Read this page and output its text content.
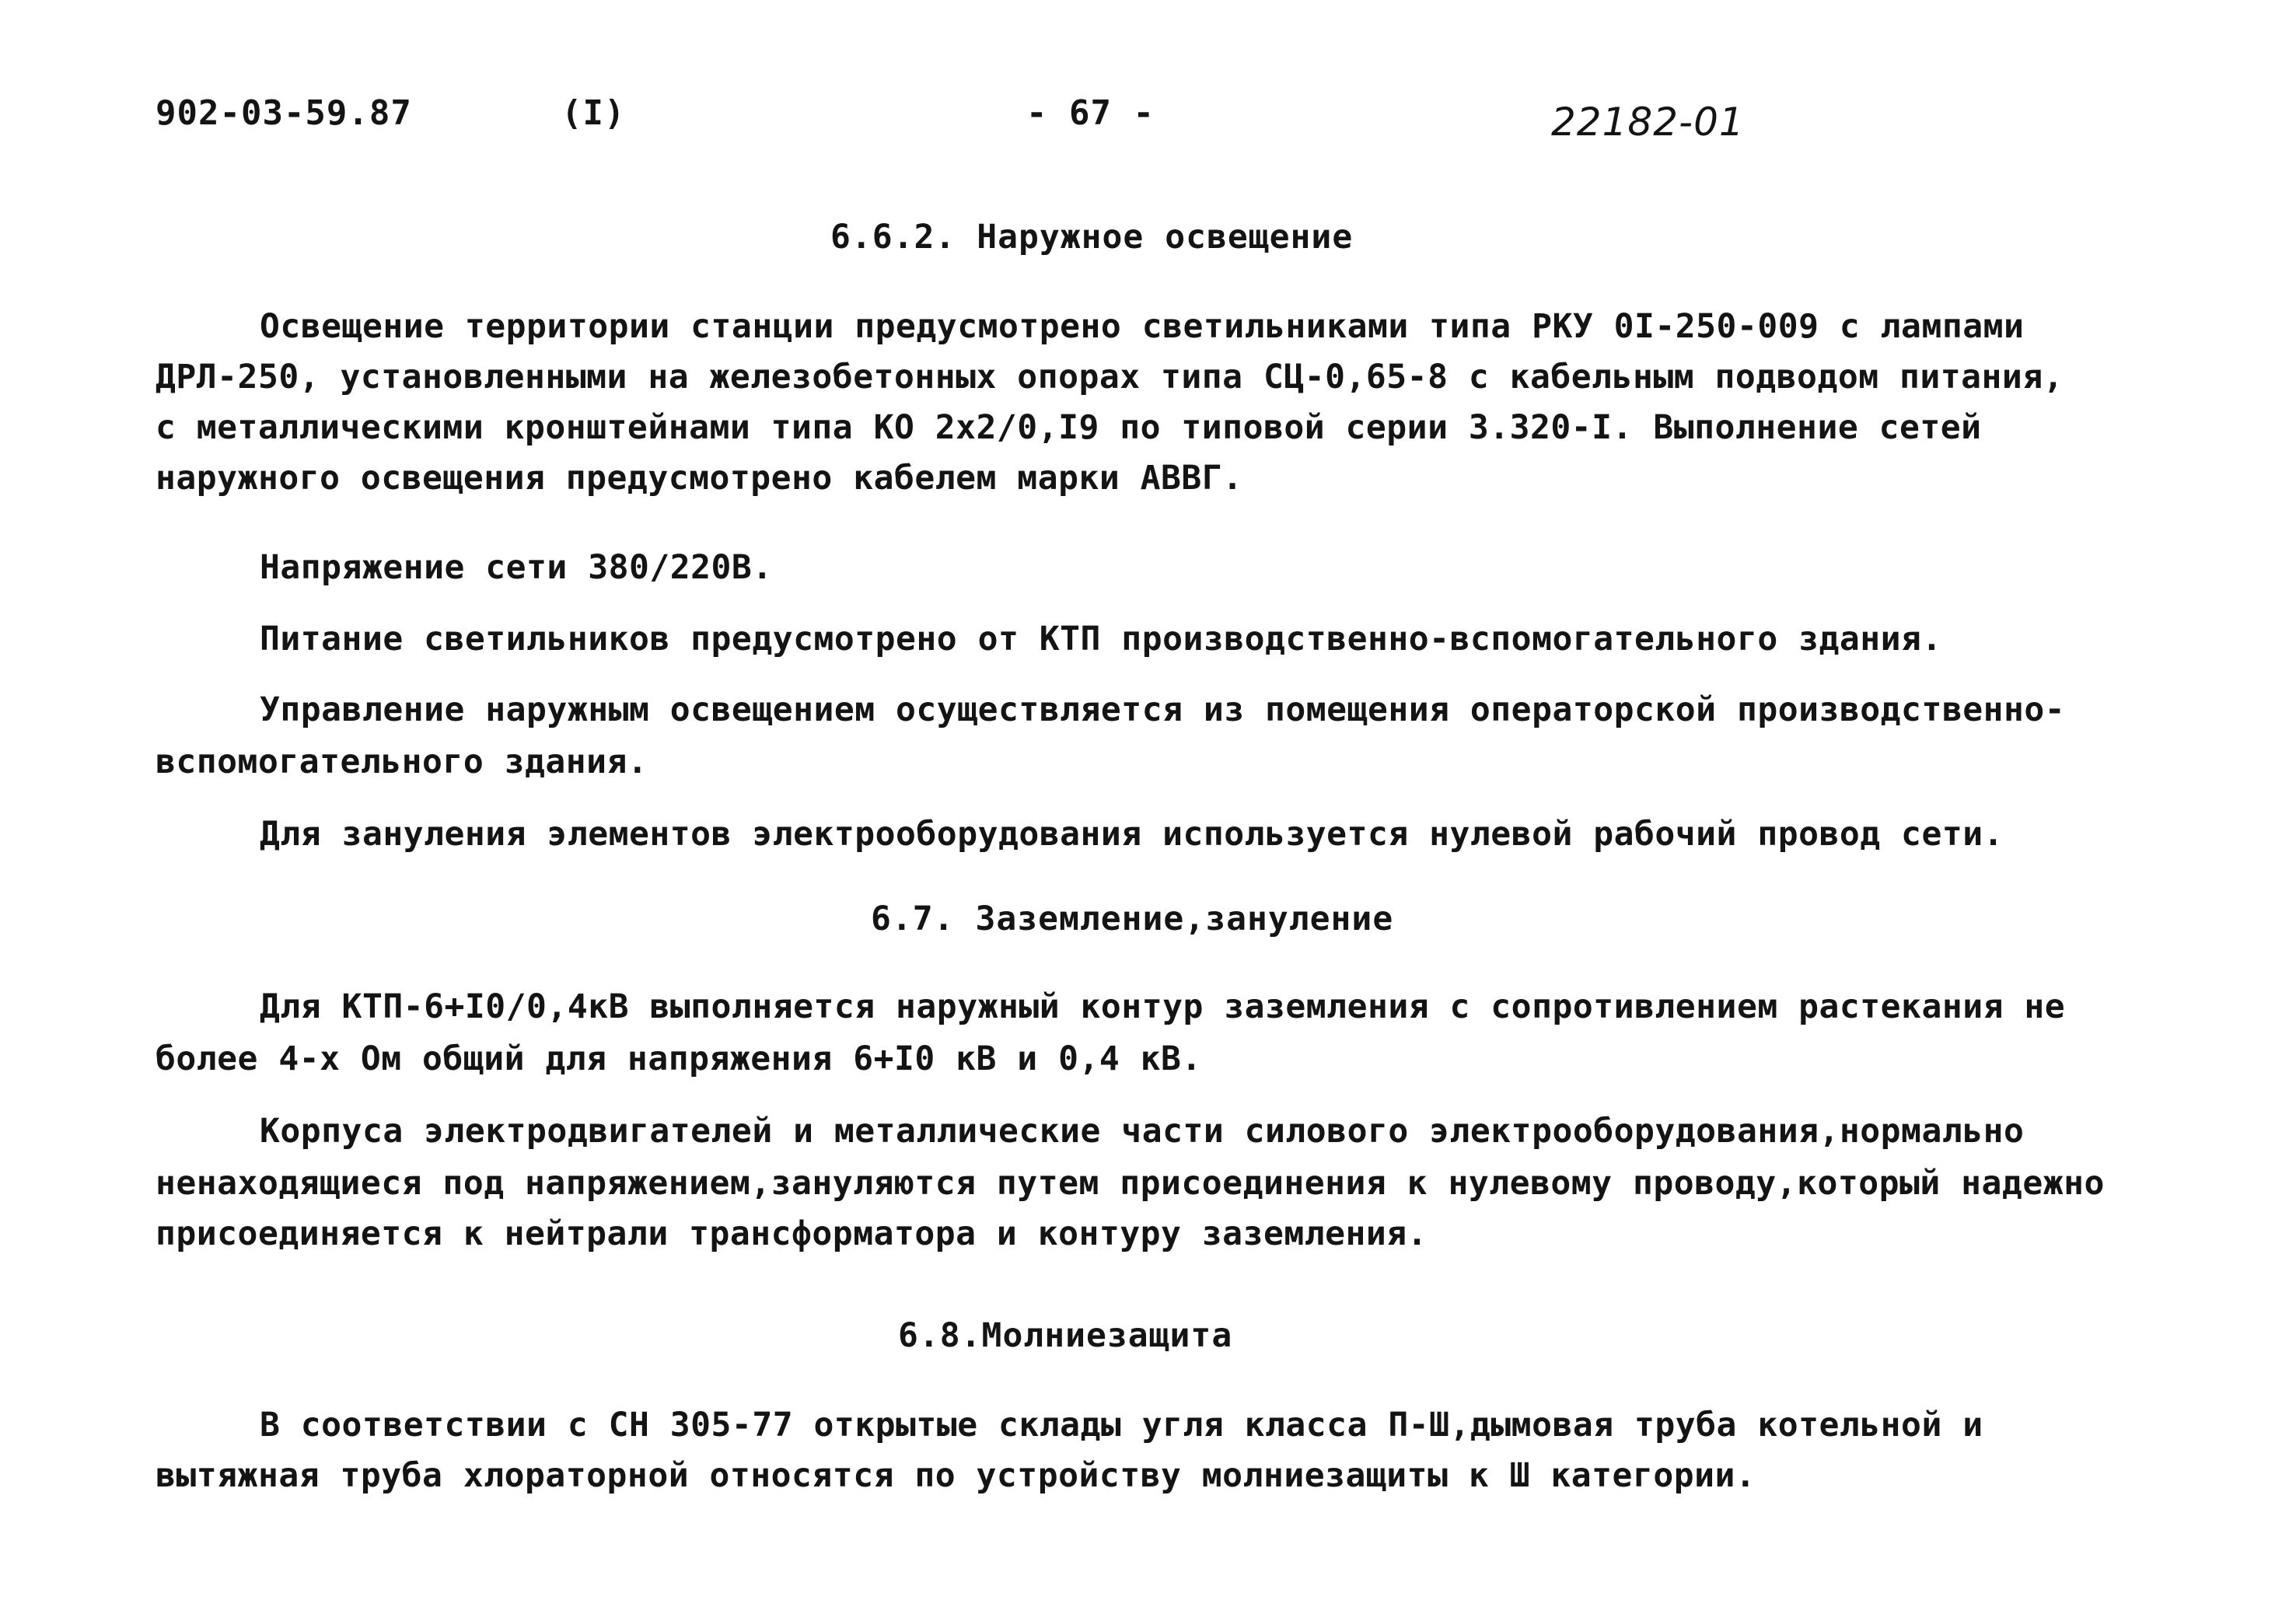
902-03-59.87	(I)	- 67 -	22182-01
6.6.2. Наружное освещение
Освещение территории станции предусмотрено светильниками типа РКУ 0I-250-009 с лампами
ДРЛ-250, установленными на железобетонных опорах типа СЦ-0,65-8 с кабельным подводом питания,
с металлическими кронштейнами типа КО 2х2/0,I9 по типовой серии 3.320-I. Выполнение сетей
наружного освещения предусмотрено кабелем марки АВВГ.
Напряжение сети 380/220В.
Питание светильников предусмотрено от КТП производственно-вспомогательного здания.
Управление наружным освещением осуществляется из помещения операторской производственно-
вспомогательного здания.
Для зануления элементов электрооборудования используется нулевой рабочий провод сети.
6.7. Заземление,зануление
Для КТП-6+I0/0,4кВ выполняется наружный контур заземления с сопротивлением растекания не
более 4-х Ом общий для напряжения 6+I0 кВ и 0,4 кВ.
Корпуса электродвигателей и металлические части силового электрооборудования,нормально
ненаходящиеся под напряжением,зануляются путем присоединения к нулевому проводу,который надежно
присоединяется к нейтрали трансформатора и контуру заземления.
6.8.Молниезащита
В соответствии с СН 305-77 открытые склады угля класса П-Ш,дымовая труба котельной и
вытяжная труба хлораторной относятся по устройству молниезащиты к Ш категории.
